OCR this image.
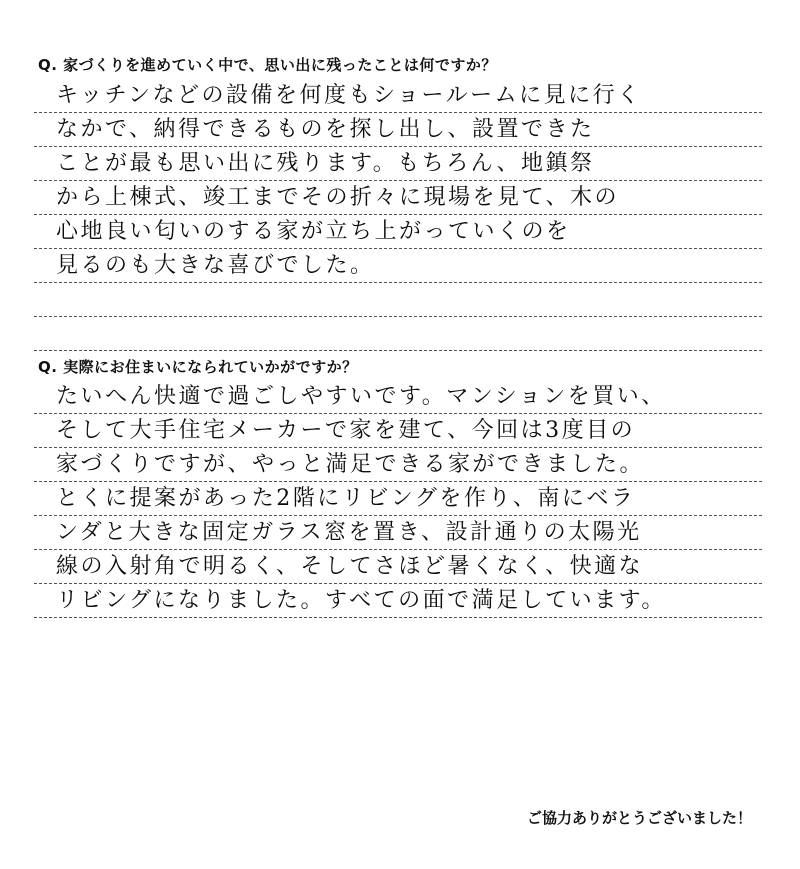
Q. 家づくりを進めていく中で、思い出に残ったことは何ですか？
キッチンなどの設備を何度もショールームに見に行く
なかで、納得できるものを探し出し、設置できた
ことが最も思い出に残ります。もちろん、地鎮祭
から上棟式、竣工までその折々に現場を見て、木の
心地良い匂いのする家が立ち上がっていくのを
見るのも大きな喜びでした。
Q. 実際にお住まいになられていかがですか？
たいへん快適で過ごしやすいです。マンションを買い、
そして大手住宅メーカーで家を建て、今回は3度目の
家づくりですが、やっと満足できる家ができました。
とくに提案があった2階にリビングを作り、南にベラ
ンダと大きな固定ガラス窓を置き、設計通りの太陽光
線の入射角で明るく、そしてさほど暑くなく、快適な
リビングになりました。すべての面で満足しています。
ご協力ありがとうございました！
